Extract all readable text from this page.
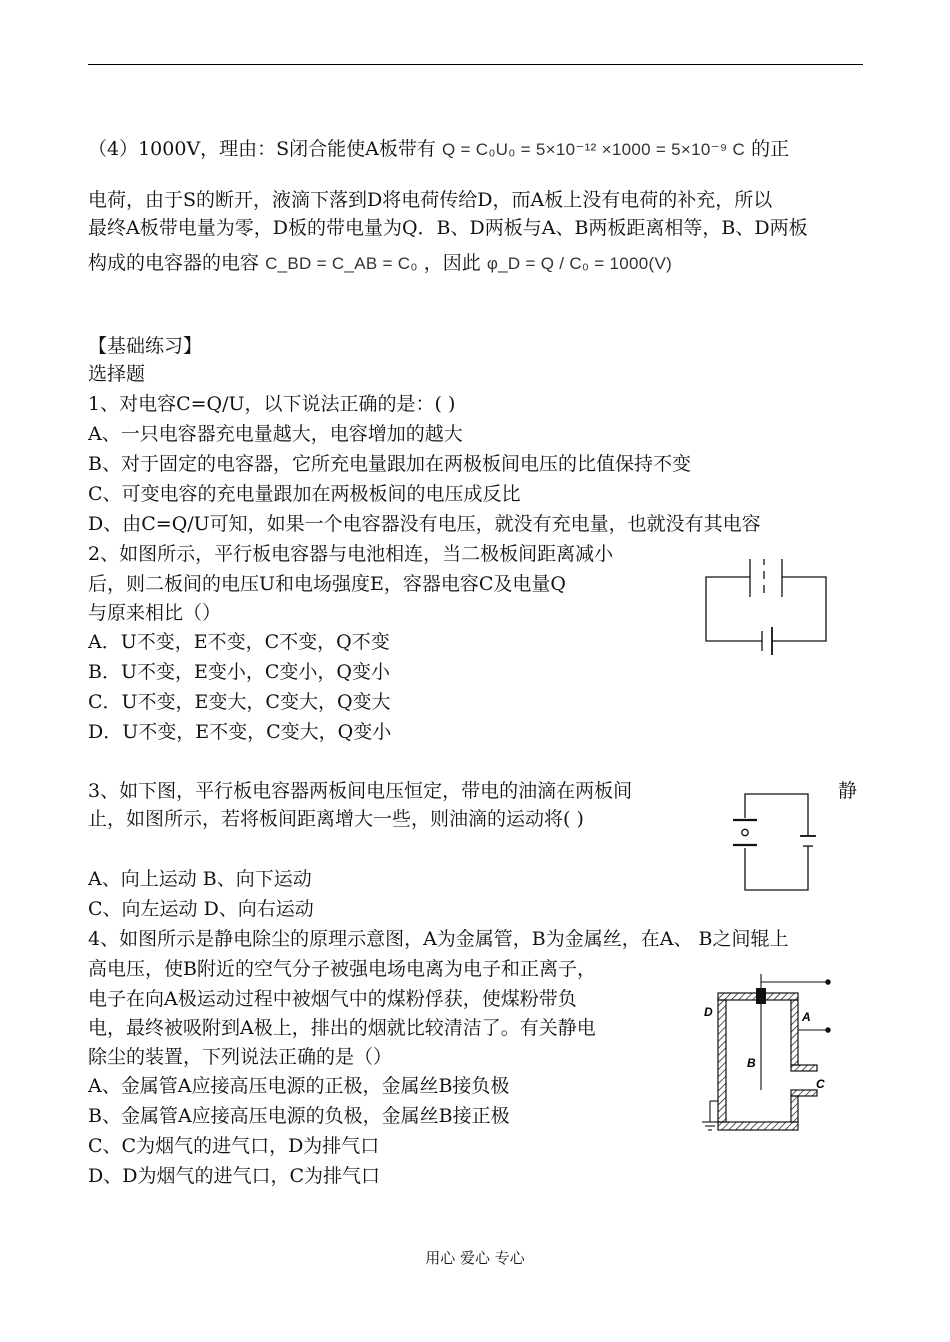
（4）1000V，理由：S闭合能使A板带有 Q = C₀U₀ = 5×10⁻¹² ×1000 = 5×10⁻⁹ C 的正
电荷，由于S的断开，液滴下落到D将电荷传给D，而A板上没有电荷的补充，所以
最终A板带电量为零，D板的带电量为Q．B、D两板与A、B两板距离相等，B、D两板
构成的电容器的电容 C_BD = C_AB = C₀ ，因此 φ_D = Q / C₀ = 1000(V)
【基础练习】
选择题
1、对电容C=Q/U，以下说法正确的是：( )
A、一只电容器充电量越大，电容增加的越大
B、对于固定的电容器，它所充电量跟加在两极板间电压的比值保持不变
C、可变电容的充电量跟加在两极板间的电压成反比
D、由C=Q/U可知，如果一个电容器没有电压，就没有充电量，也就没有其电容
2、如图所示，平行板电容器与电池相连，当二极板间距离减小
后，则二板间的电压U和电场强度E，容器电容C及电量Q
与原来相比（）
A．U不变，E不变，C不变，Q不变
B．U不变，E变小，C变小，Q变小
C．U不变，E变大，C变大，Q变大
D．U不变，E不变，C变大，Q变小
3、如下图，平行板电容器两板间电压恒定，带电的油滴在两板间	静
止，如图所示，若将板间距离增大一些，则油滴的运动将( )
A、向上运动 B、向下运动
C、向左运动 D、向右运动
4、如图所示是静电除尘的原理示意图，A为金属管，B为金属丝，在A、 B之间辊上
高电压，使B附近的空气分子被强电场电离为电子和正离子，
电子在向A极运动过程中被烟气中的煤粉俘获，使煤粉带负
电，最终被吸附到A极上，排出的烟就比较清洁了。有关静电
除尘的装置，下列说法正确的是（）
A、金属管A应接高压电源的正极，金属丝B接负极
B、金属管A应接高压电源的负极，金属丝B接正极
C、C为烟气的进气口，D为排气口
D、D为烟气的进气口，C为排气口
A
B
C
D
用心 爱心 专心
